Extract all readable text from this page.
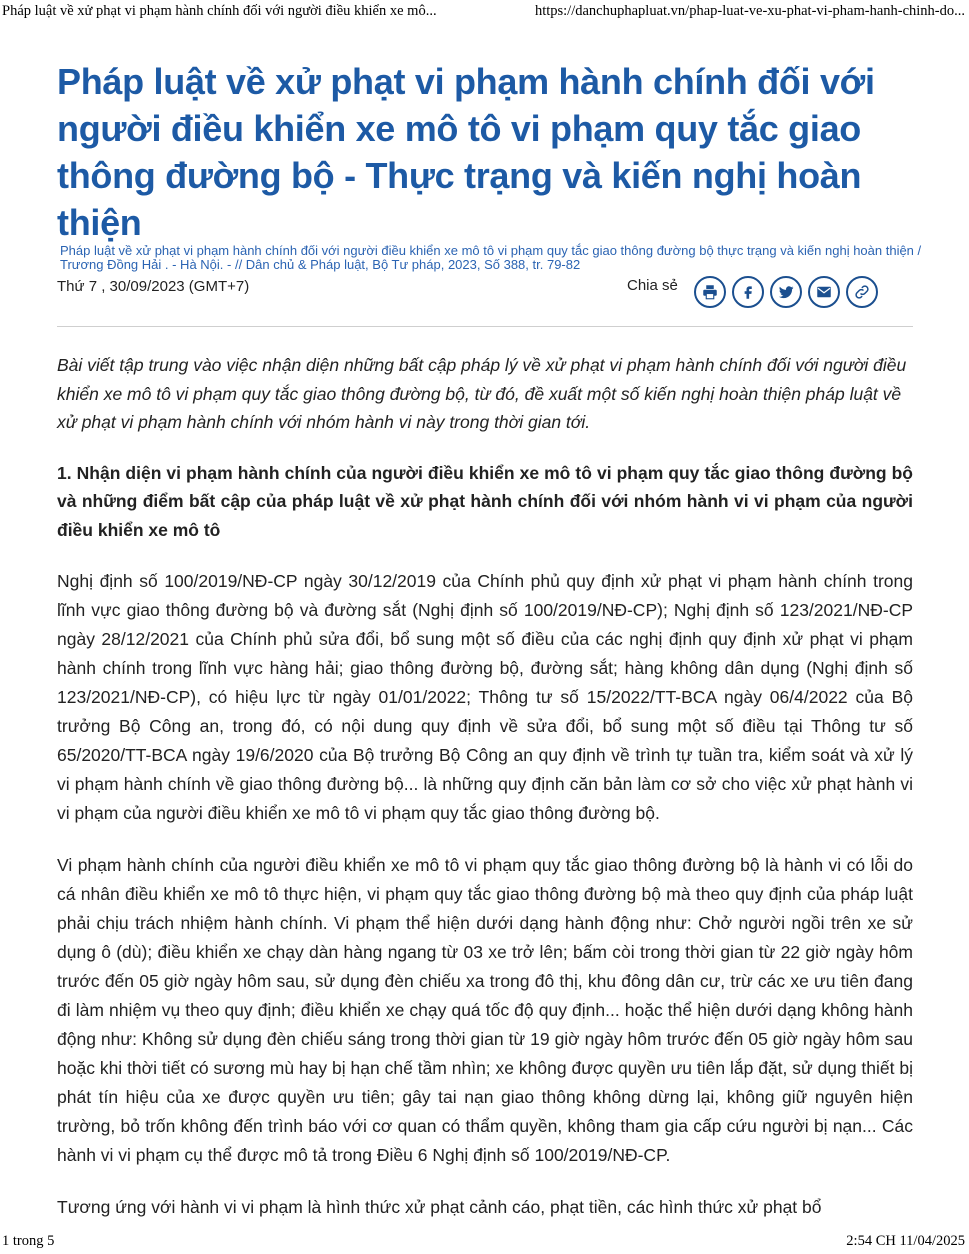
Pháp luật về xử phạt vi phạm hành chính đối với người điều khiển xe mô...	https://danchuphapluat.vn/phap-luat-ve-xu-phat-vi-pham-hanh-chinh-do...
Pháp luật về xử phạt vi phạm hành chính đối với người điều khiển xe mô tô vi phạm quy tắc giao thông đường bộ - Thực trạng và kiến nghị hoàn thiện
Pháp luật về xử phạt vi phạm hành chính đối với người điều khiển xe mô tô vi phạm quy tắc giao thông đường bộ thực trạng và kiến nghị hoàn thiện / Trương Đồng Hải . - Hà Nội. - // Dân chủ & Pháp luật, Bộ Tư pháp, 2023, Số 388, tr. 79-82
Thứ 7 , 30/09/2023 (GMT+7)	Chia sẻ

Bài viết tập trung vào việc nhận diện những bất cập pháp lý về xử phạt vi phạm hành chính đối với người điều khiển xe mô tô vi phạm quy tắc giao thông đường bộ, từ đó, đề xuất một số kiến nghị hoàn thiện pháp luật về xử phạt vi phạm hành chính với nhóm hành vi này trong thời gian tới.

1. Nhận diện vi phạm hành chính của người điều khiển xe mô tô vi phạm quy tắc giao thông đường bộ và những điểm bất cập của pháp luật về xử phạt hành chính đối với nhóm hành vi vi phạm của người điều khiển xe mô tô

Nghị định số 100/2019/NĐ-CP ngày 30/12/2019 của Chính phủ quy định xử phạt vi phạm hành chính trong lĩnh vực giao thông đường bộ và đường sắt (Nghị định số 100/2019/NĐ-CP); Nghị định số 123/2021/NĐ-CP ngày 28/12/2021 của Chính phủ sửa đổi, bổ sung một số điều của các nghị định quy định xử phạt vi phạm hành chính trong lĩnh vực hàng hải; giao thông đường bộ, đường sắt; hàng không dân dụng (Nghị định số 123/2021/NĐ-CP), có hiệu lực từ ngày 01/01/2022; Thông tư số 15/2022/TT-BCA ngày 06/4/2022 của Bộ trưởng Bộ Công an, trong đó, có nội dung quy định về sửa đổi, bổ sung một số điều tại Thông tư số 65/2020/TT-BCA ngày 19/6/2020 của Bộ trưởng Bộ Công an quy định về trình tự tuần tra, kiểm soát và xử lý vi phạm hành chính về giao thông đường bộ... là những quy định căn bản làm cơ sở cho việc xử phạt hành vi vi phạm của người điều khiển xe mô tô vi phạm quy tắc giao thông đường bộ.

Vi phạm hành chính của người điều khiển xe mô tô vi phạm quy tắc giao thông đường bộ là hành vi có lỗi do cá nhân điều khiển xe mô tô thực hiện, vi phạm quy tắc giao thông đường bộ mà theo quy định của pháp luật phải chịu trách nhiệm hành chính. Vi phạm thể hiện dưới dạng hành động như: Chở người ngồi trên xe sử dụng ô (dù); điều khiển xe chạy dàn hàng ngang từ 03 xe trở lên; bấm còi trong thời gian từ 22 giờ ngày hôm trước đến 05 giờ ngày hôm sau, sử dụng đèn chiếu xa trong đô thị, khu đông dân cư, trừ các xe ưu tiên đang đi làm nhiệm vụ theo quy định; điều khiển xe chạy quá tốc độ quy định... hoặc thể hiện dưới dạng không hành động như: Không sử dụng đèn chiếu sáng trong thời gian từ 19 giờ ngày hôm trước đến 05 giờ ngày hôm sau hoặc khi thời tiết có sương mù hay bị hạn chế tầm nhìn; xe không được quyền ưu tiên lắp đặt, sử dụng thiết bị phát tín hiệu của xe được quyền ưu tiên; gây tai nạn giao thông không dừng lại, không giữ nguyên hiện trường, bỏ trốn không đến trình báo với cơ quan có thẩm quyền, không tham gia cấp cứu người bị nạn... Các hành vi vi phạm cụ thể được mô tả trong Điều 6 Nghị định số 100/2019/NĐ-CP.

Tương ứng với hành vi vi phạm là hình thức xử phạt cảnh cáo, phạt tiền, các hình thức xử phạt bổ

1 trong 5	2:54 CH 11/04/2025
